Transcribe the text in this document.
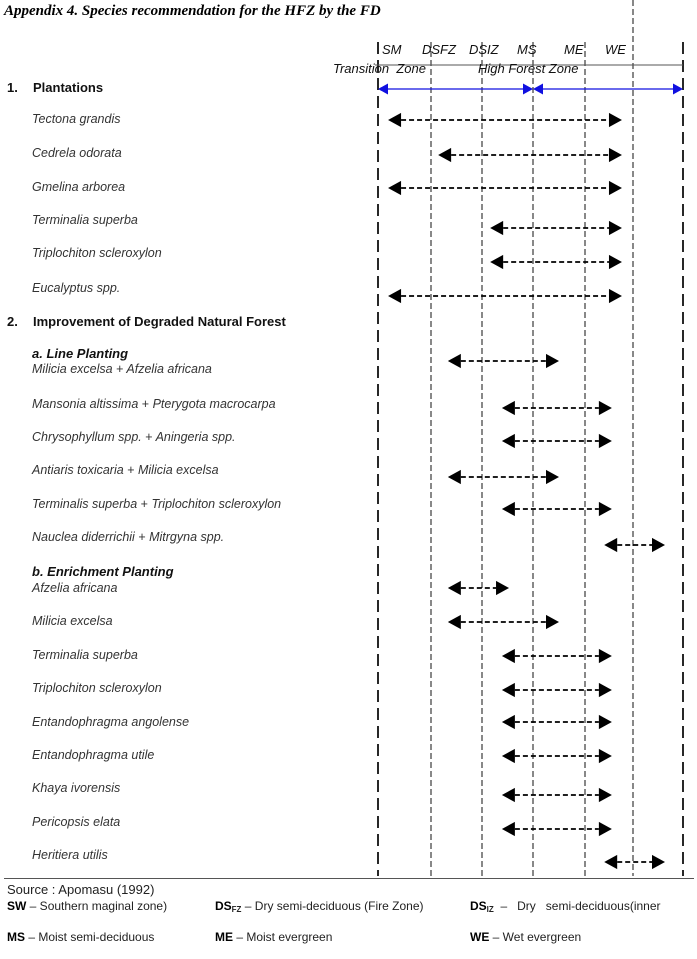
Appendix 4. Species recommendation for the HFZ by the FD
SM DSFZ DSIZ MS ME WE
Transition  Zone	High Forest Zone
1. Plantations
2. Improvement of Degraded Natural Forest
a. Line Planting
b. Enrichment Planting
Tectona grandis
Cedrela odorata
Gmelina arborea
Terminalia superba
Triplochiton scleroxylon
Eucalyptus spp.
Milicia excelsa + Afzelia africana
Mansonia altissima + Pterygota macrocarpa
Chrysophyllum spp. + Aningeria spp.
Antiaris toxicaria + Milicia excelsa
Terminalis superba + Triplochiton scleroxylon
Nauclea diderrichii + Mitrgyna spp.
Afzelia africana
Milicia excelsa
Terminalia superba
Triplochiton scleroxylon
Entandophragma angolense
Entandophragma utile
Khaya ivorensis
Pericopsis elata
Heritiera utilis
Source : Apomasu (1992)
SW – Southern maginal zone)	$DS_{FZ}$ – Dry semi-deciduous (Fire Zone)	$DS_{IZ}$  –   Dry   semi-deciduous(inner
MS – Moist semi-deciduous	ME – Moist evergreen	WE – Wet evergreen
